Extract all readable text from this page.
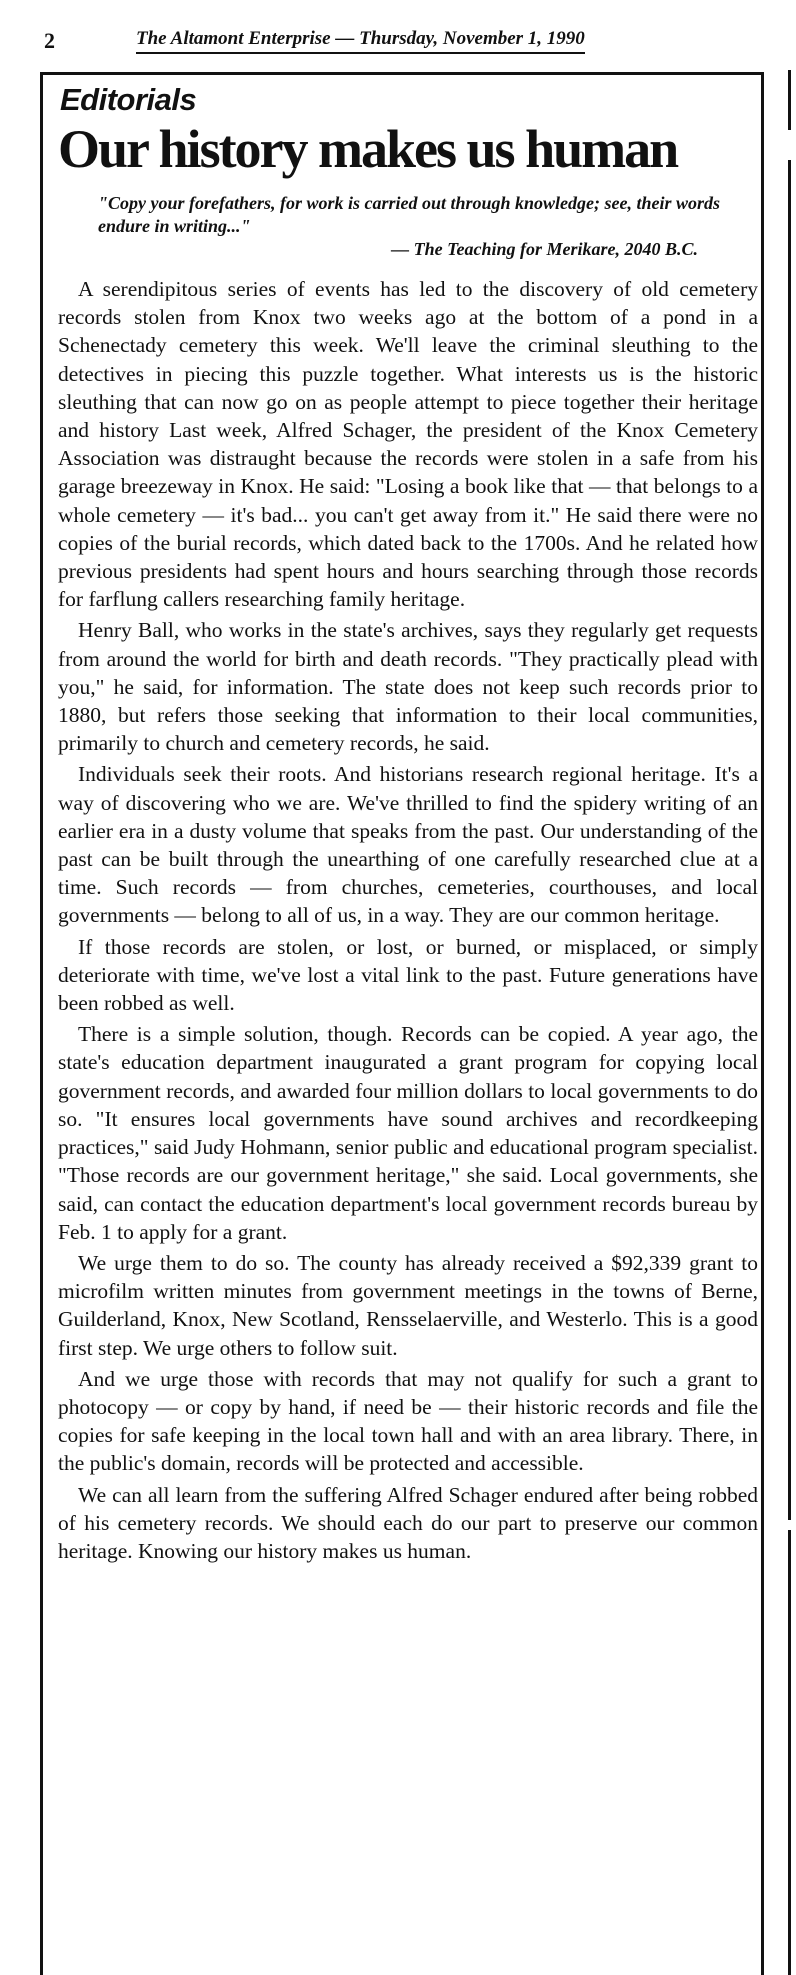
2	The Altamont Enterprise — Thursday, November 1, 1990
Editorials
Our history makes us human
"Copy your forefathers, for work is carried out through knowledge; see, their words endure in writing..."
— The Teaching for Merikare, 2040 B.C.

A serendipitous series of events has led to the discovery of old cemetery records stolen from Knox two weeks ago at the bottom of a pond in a Schenectady cemetery this week. We'll leave the criminal sleuthing to the detectives in piecing this puzzle together. What interests us is the historic sleuthing that can now go on as people attempt to piece together their heritage and history Last week, Alfred Schager, the president of the Knox Cemetery Association was distraught because the records were stolen in a safe from his garage breezeway in Knox. He said: "Losing a book like that — that belongs to a whole cemetery — it's bad... you can't get away from it." He said there were no copies of the burial records, which dated back to the 1700s. And he related how previous presidents had spent hours and hours searching through those records for farflung callers researching family heritage.

Henry Ball, who works in the state's archives, says they regularly get requests from around the world for birth and death records. "They practically plead with you," he said, for information. The state does not keep such records prior to 1880, but refers those seeking that information to their local communities, primarily to church and cemetery records, he said.

Individuals seek their roots. And historians research regional heritage. It's a way of discovering who we are. We've thrilled to find the spidery writing of an earlier era in a dusty volume that speaks from the past. Our understanding of the past can be built through the unearthing of one carefully researched clue at a time. Such records — from churches, cemeteries, courthouses, and local governments — belong to all of us, in a way. They are our common heritage.

If those records are stolen, or lost, or burned, or misplaced, or simply deteriorate with time, we've lost a vital link to the past. Future generations have been robbed as well.

There is a simple solution, though. Records can be copied. A year ago, the state's education department inaugurated a grant program for copying local government records, and awarded four million dollars to local governments to do so. "It ensures local governments have sound archives and recordkeeping practices," said Judy Hohmann, senior public and educational program specialist. "Those records are our government heritage," she said. Local governments, she said, can contact the education department's local government records bureau by Feb. 1 to apply for a grant.

We urge them to do so. The county has already received a $92,339 grant to microfilm written minutes from government meetings in the towns of Berne, Guilderland, Knox, New Scotland, Rensselaerville, and Westerlo. This is a good first step. We urge others to follow suit.

And we urge those with records that may not qualify for such a grant to photocopy — or copy by hand, if need be — their historic records and file the copies for safe keeping in the local town hall and with an area library. There, in the public's domain, records will be protected and accessible.

We can all learn from the suffering Alfred Schager endured after being robbed of his cemetery records. We should each do our part to preserve our common heritage. Knowing our history makes us human.
